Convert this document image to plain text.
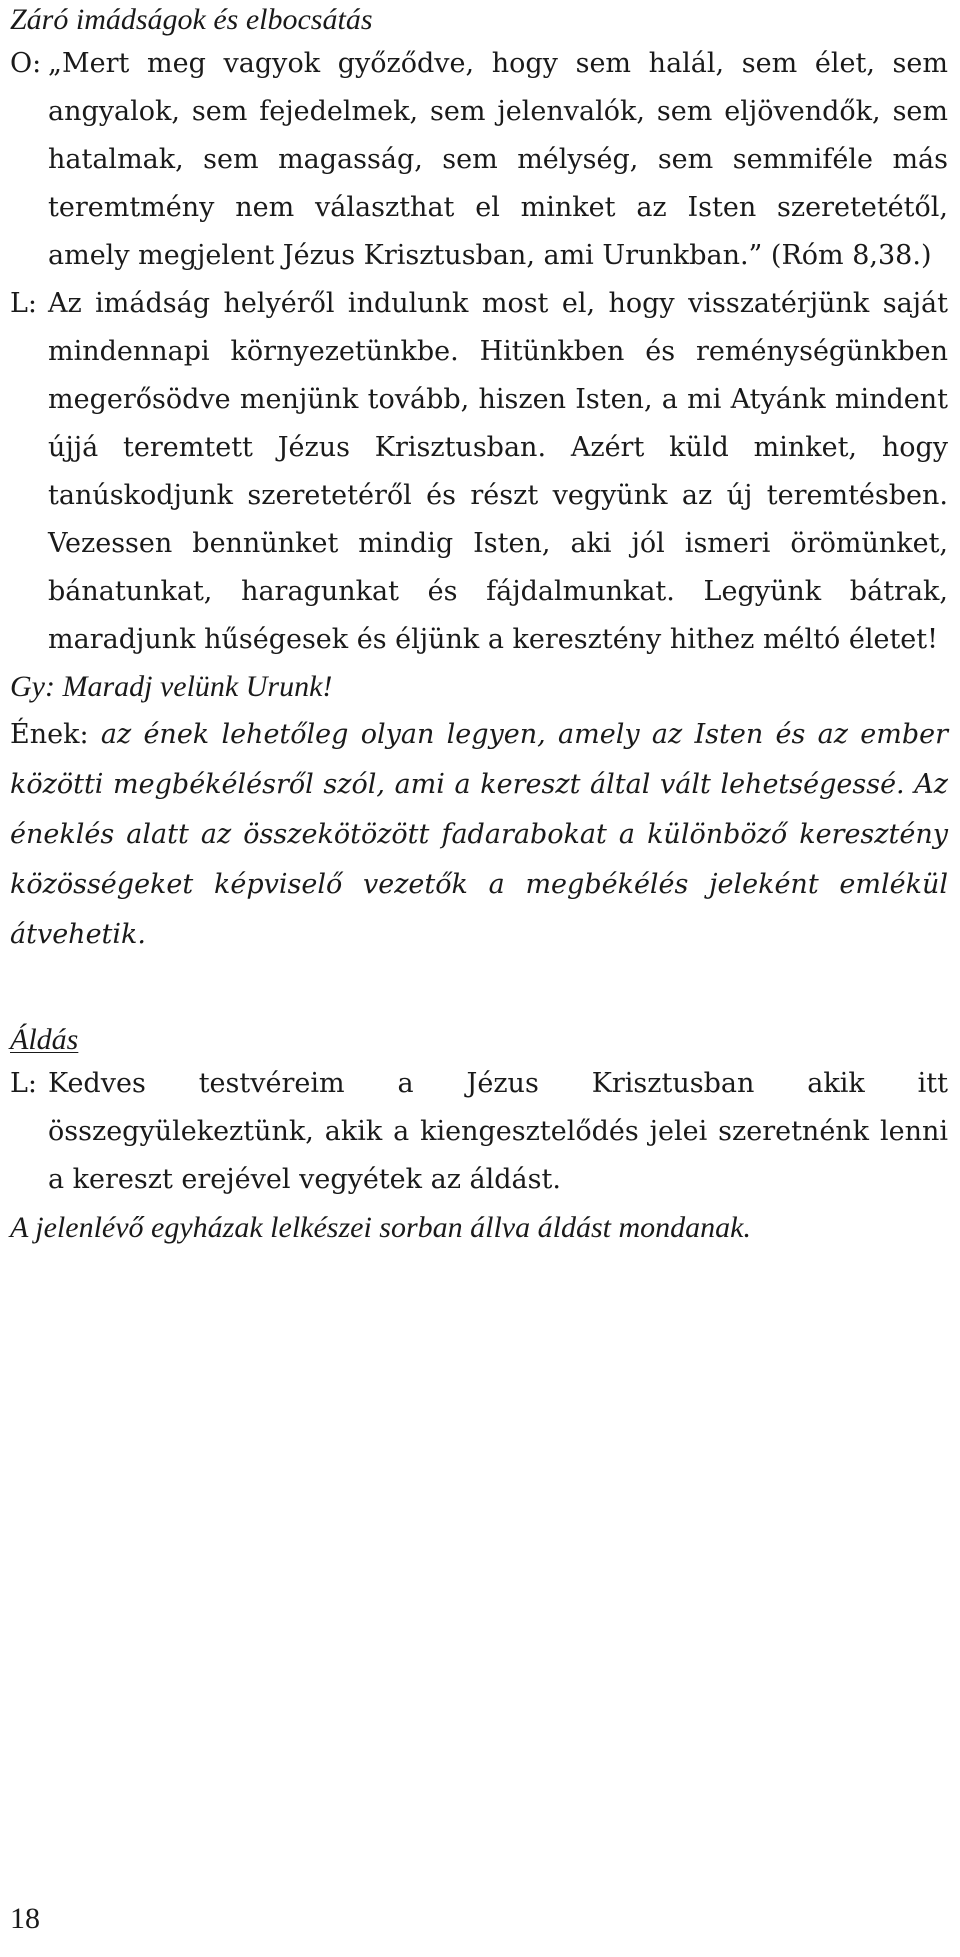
Záró imádságok és elbocsátás

O: „Mert meg vagyok győződve, hogy sem halál, sem élet, sem angyalok, sem fejedelmek, sem jelenvalók, sem eljövendők, sem hatalmak, sem magasság, sem mélység, sem semmiféle más teremtmény nem választhat el minket az Isten szeretetétől, amely megjelent Jézus Krisztusban, ami Urunkban.” (Róm 8,38.)

L: Az imádság helyéről indulunk most el, hogy visszatérjünk saját mindennapi környezetünkbe. Hitünkben és reménységünkben megerősödve menjünk tovább, hiszen Isten, a mi Atyánk mindent újjá teremtett Jézus Krisztusban. Azért küld minket, hogy tanúskodjunk szeretetéről és részt vegyünk az új teremtésben. Vezessen bennünket mindig Isten, aki jól ismeri örömünket, bánatunkat, haragunkat és fájdalmunkat. Legyünk bátrak, maradjunk hűségesek és éljünk a keresztény hithez méltó életet!

Gy: Maradj velünk Urunk!

Ének: az ének lehetőleg olyan legyen, amely az Isten és az ember közötti megbékélésről szól, ami a kereszt által vált lehetségessé. Az éneklés alatt az összekötözött fadarabokat a különböző keresztény közösségeket képviselő vezetők a megbékélés jeleként emlékül átvehetik.

Áldás

L: Kedves testvéreim a Jézus Krisztusban akik itt összegyülekeztünk, akik a kiengesztelődés jelei szeretnénk lenni a kereszt erejével vegyétek az áldást.

A jelenlévő egyházak lelkészei sorban állva áldást mondanak.

18
